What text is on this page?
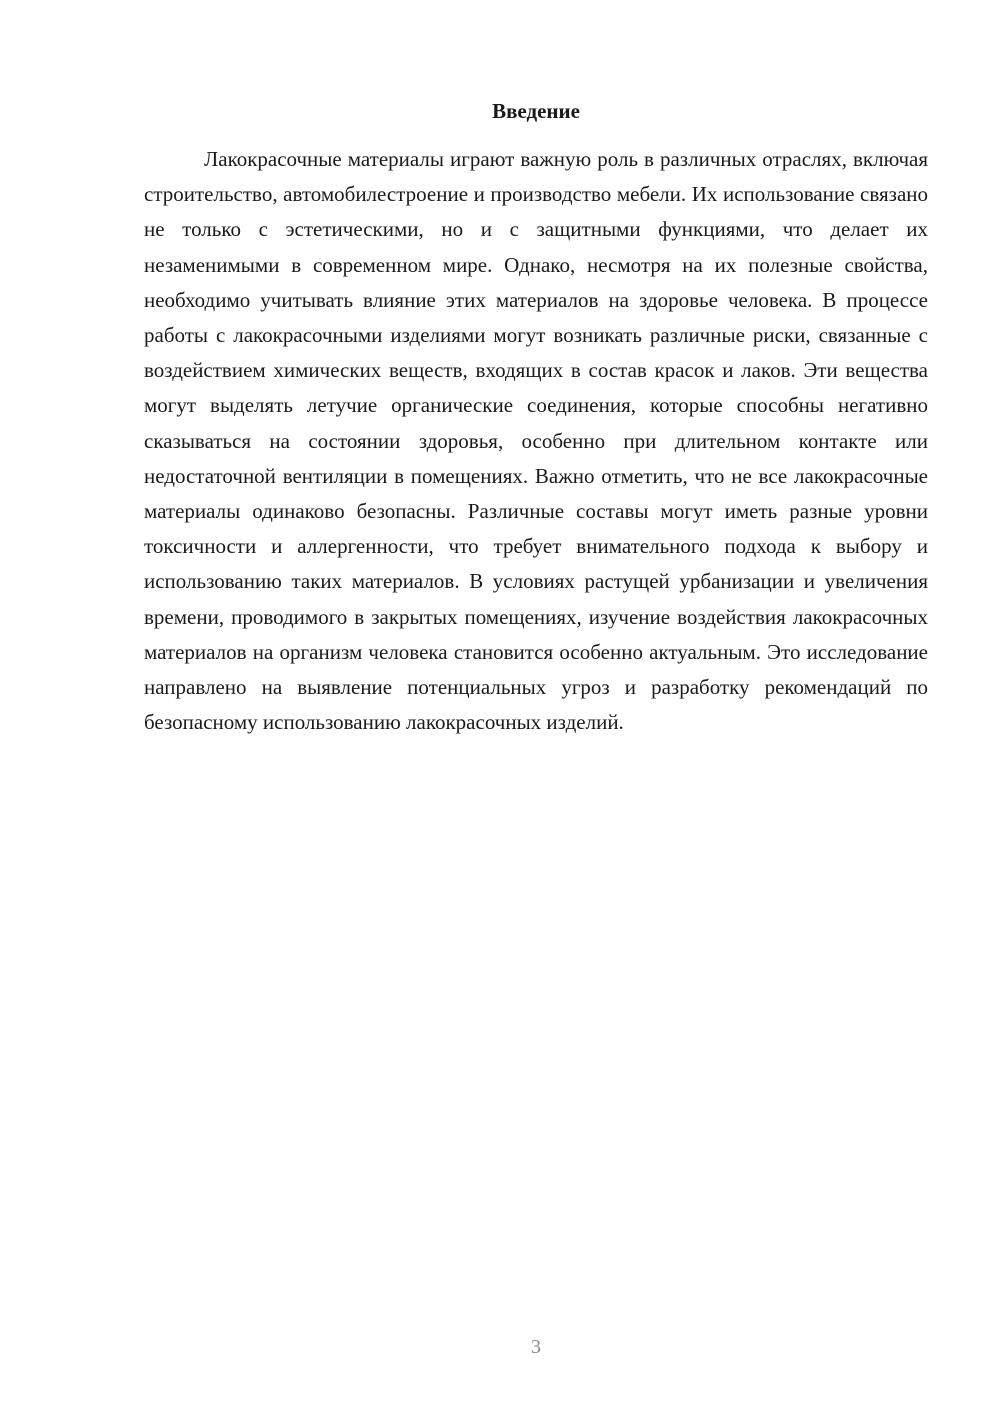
Введение

Лакокрасочные материалы играют важную роль в различных отраслях, включая строительство, автомобилестроение и производство мебели. Их использование связано не только с эстетическими, но и с защитными функциями, что делает их незаменимыми в современном мире. Однако, несмотря на их полезные свойства, необходимо учитывать влияние этих материалов на здоровье человека. В процессе работы с лакокрасочными изделиями могут возникать различные риски, связанные с воздействием химических веществ, входящих в состав красок и лаков. Эти вещества могут выделять летучие органические соединения, которые способны негативно сказываться на состоянии здоровья, особенно при длительном контакте или недостаточной вентиляции в помещениях. Важно отметить, что не все лакокрасочные материалы одинаково безопасны. Различные составы могут иметь разные уровни токсичности и аллергенности, что требует внимательного подхода к выбору и использованию таких материалов. В условиях растущей урбанизации и увеличения времени, проводимого в закрытых помещениях, изучение воздействия лакокрасочных материалов на организм человека становится особенно актуальным. Это исследование направлено на выявление потенциальных угроз и разработку рекомендаций по безопасному использованию лакокрасочных изделий.

3
